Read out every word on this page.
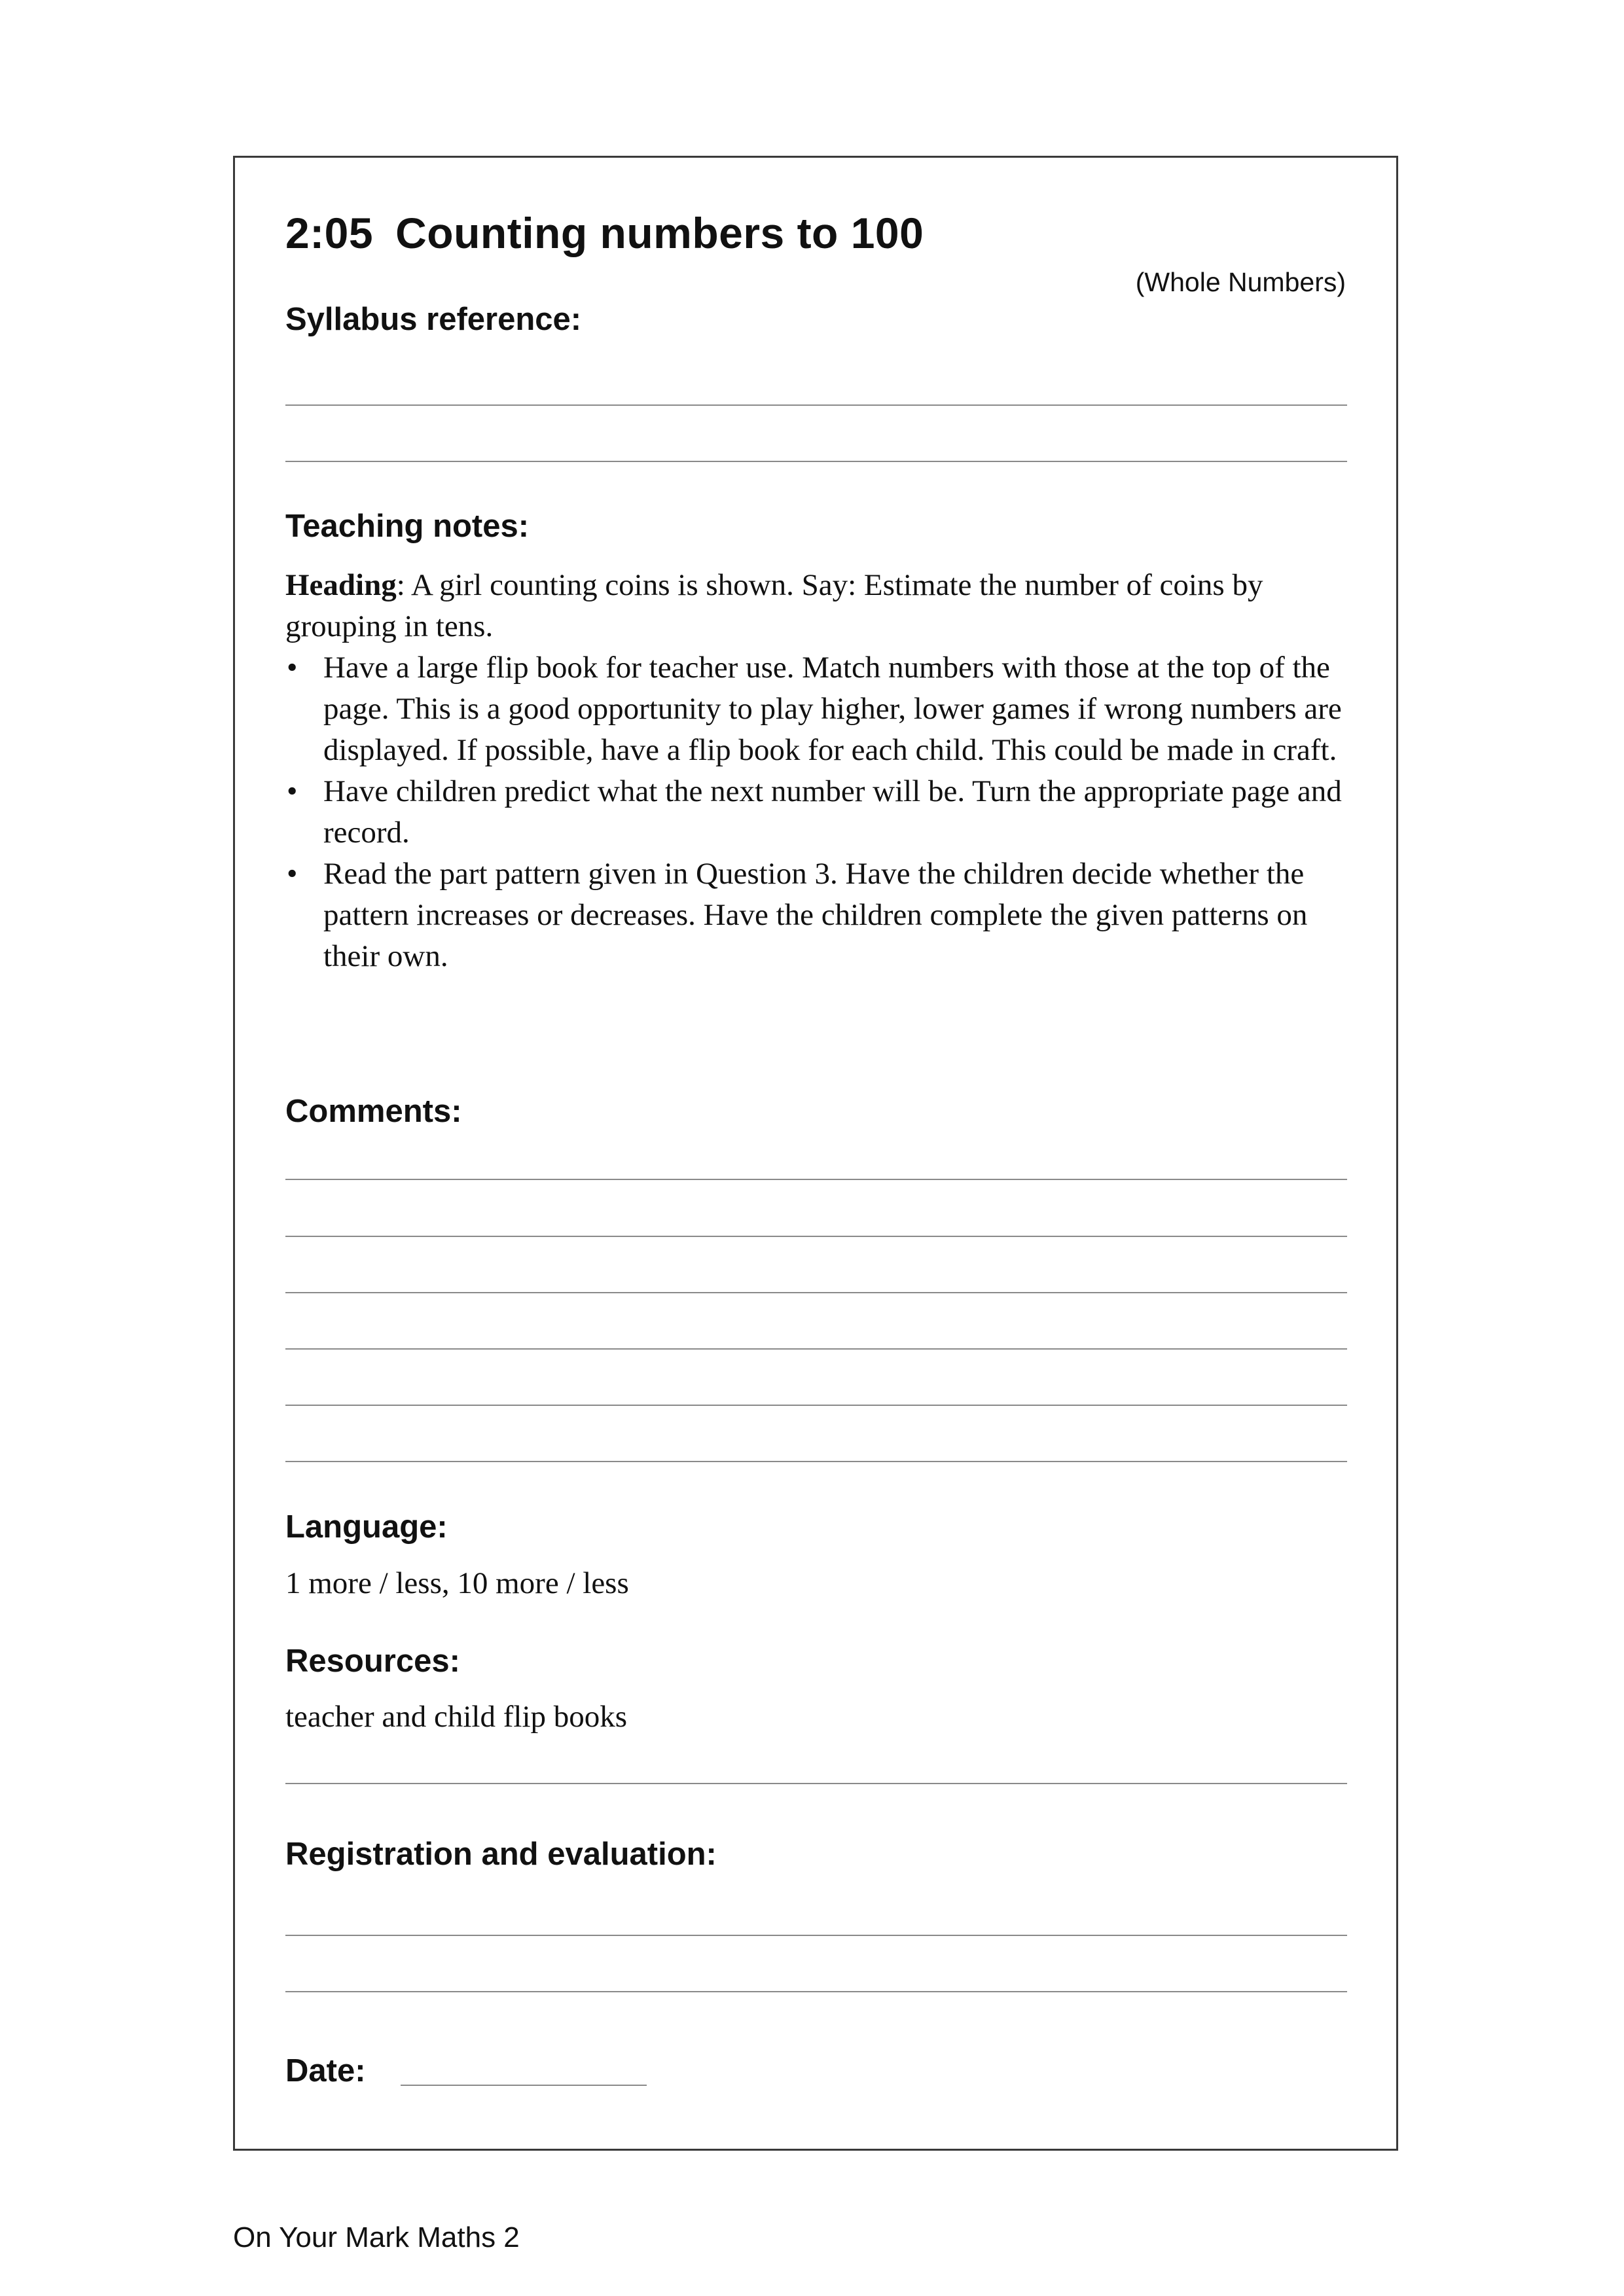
2:05 Counting numbers to 100
(Whole Numbers)
Syllabus reference:
Teaching notes:

Heading: A girl counting coins is shown. Say: Estimate the number of coins by grouping in tens.

• Have a large flip book for teacher use. Match numbers with those at the top of the page. This is a good opportunity to play higher, lower games if wrong numbers are displayed. If possible, have a flip book for each child. This could be made in craft.
• Have children predict what the next number will be. Turn the appropriate page and record.
• Read the part pattern given in Question 3. Have the children decide whether the pattern increases or decreases. Have the children complete the given patterns on
their own.
Comments:
Language:
1 more / less, 10 more / less
Resources:
teacher and child flip books
Registration and evaluation:
Date:
On Your Mark Maths 2
